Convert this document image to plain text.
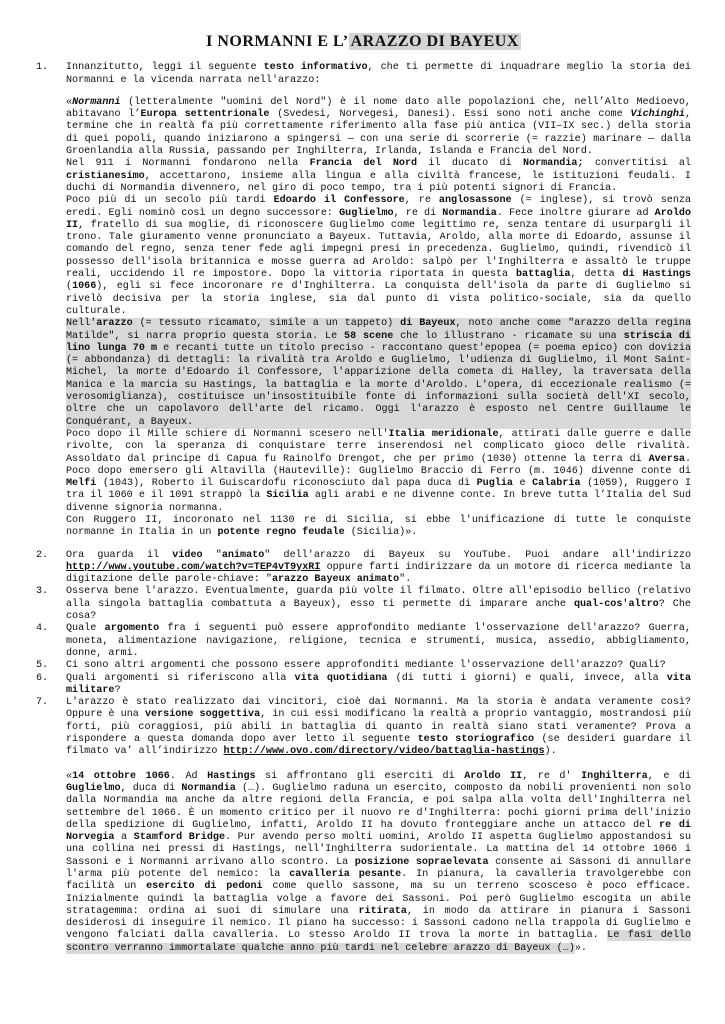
I NORMANNI E L’ ARAZZO DI BAYEUX
1.	Innanzitutto, leggi il seguente testo informativo, che ti permette di inquadrare meglio la storia dei Normanni e la vicenda narrata nell'arazzo:

«Normanni (letteralmente "uomini del Nord") è il nome dato alle popolazioni che, nell’Alto Medioevo, abitavano l’Europa settentrionale (Svedesi, Norvegesi, Danesi). Essi sono noti anche come Vichinghi, termine che in realtà fa più correttamente riferimento alla fase più antica (VII–IX sec.) della storia di quei popoli, quando iniziarono a spingersi — con una serie di scorrerie (= razzie) marinare — dalla Groenlandia alla Russia, passando per Inghilterra, Irlanda, Islanda e Francia del Nord.

Nel 911 i Normanni fondarono nella Francia del Nord il ducato di Normandia; convertitisi al cristianesimo, accettarono, insieme alla lingua e alla civiltà francese, le istituzioni feudali. I duchi di Normandia divennero, nel giro di poco tempo, tra i più potenti signori di Francia.

Poco più di un secolo più tardi Edoardo il Confessore, re anglosassone (= inglese), si trovò senza eredi. Egli nominò così un degno successore: Guglielmo, re di Normandia. Fece inoltre giurare ad Aroldo II, fratello di sua moglie, di riconoscere Guglielmo come legittimo re, senza tentare di usurpargli il trono. Tale giuramento venne pronunciato a Bayeux. Tuttavia, Aroldo, alla morte di Edoardo, assunse il comando del regno, senza tener fede agli impegni presi in precedenza. Guglielmo, quindi, rivendicò il possesso dell'isola britannica e mosse guerra ad Aroldo: salpò per l'Inghilterra e assaltò le truppe reali, uccidendo il re impostore. Dopo la vittoria riportata in questa battaglia, detta di Hastings (1066), egli si fece incoronare re d'Inghilterra. La conquista dell'isola da parte di Guglielmo si rivelò decisiva per la storia inglese, sia dal punto di vista politico-sociale, sia da quello culturale.

Nell'arazzo (= tessuto ricamato, simile a un tappeto) di Bayeux, noto anche come "arazzo della regina Matilde", si narra proprio questa storia. Le 58 scene che lo illustrano - ricamate su una striscia di lino lunga 70 m e recanti tutte un titolo preciso - raccontano quest'epopea (= poema epico) con dovizia (= abbondanza) di dettagli: la rivalità tra Aroldo e Guglielmo, l'udienza di Guglielmo, il Mont Saint-Michel, la morte d'Edoardo il Confessore, l'apparizione della cometa di Halley, la traversata della Manica e la marcia su Hastings, la battaglia e la morte d'Aroldo. L'opera, di eccezionale realismo (= verosomiglianza), costituisce un'insostituibile fonte di informazioni sulla società dell'XI secolo, oltre che un capolavoro dell'arte del ricamo. Oggi l'arazzo è esposto nel Centre Guillaume le Conquérant, a Bayeux.

Poco dopo il Mille schiere di Normanni scesero nell'Italia meridionale, attirati dalle guerre e dalle rivolte, con la speranza di conquistare terre inserendosi nel complicato gioco delle rivalità. Assoldato dal principe di Capua fu Rainolfo Drengot, che per primo (1030) ottenne la terra di Aversa. Poco dopo emersero gli Altavilla (Hauteville): Guglielmo Braccio di Ferro (m. 1046) divenne conte di Melfi (1043), Roberto il Guiscardofu riconosciuto dal papa duca di Puglia e Calabria (1059), Ruggero I tra il 1060 e il 1091 strappò la Sicilia agli arabi e ne divenne conte. In breve tutta l’Italia del Sud divenne signoria normanna.

Con Ruggero II, incoronato nel 1130 re di Sicilia, si ebbe l'unificazione di tutte le conquiste normanne in Italia in un potente regno feudale (Sicilia)».

2.	Ora guarda il video "animato" dell'arazzo di Bayeux su YouTube. Puoi andare all'indirizzo http://www.youtube.com/watch?v=TEP4vT9yxRI oppure farti indirizzare da un motore di ricerca mediante la digitazione delle parole-chiave: "arazzo Bayeux animato".
3.	Osserva bene l'arazzo. Eventualmente, guarda più volte il filmato. Oltre all'episodio bellico (relativo alla singola battaglia combattuta a Bayeux), esso ti permette di imparare anche qual-cos'altro? Che cosa?
4.	Quale argomento fra i seguenti può essere approfondito mediante l'osservazione dell'arazzo? Guerra, moneta, alimentazione navigazione, religione, tecnica e strumenti, musica, assedio, abbigliamento, donne, armi.
5.	Ci sono altri argomenti che possono essere approfonditi mediante l'osservazione dell'arazzo? Quali?
6.	Quali argomenti si riferiscono alla vita quotidiana (di tutti i giorni) e quali, invece, alla vita militare?
7.	L'arazzo è stato realizzato dai vincitori, cioè dai Normanni. Ma la storia è andata veramente così? Oppure è una versione soggettiva, in cui essi modificano la realtà a proprio vantaggio, mostrandosi più forti, più coraggiosi, più abili in battaglia di quanto in realtà siano stati veramente? Prova a rispondere a questa domanda dopo aver letto il seguente testo storiografico (se desideri guardare il filmato va’ all’indirizzo http://www.ovo.com/directory/video/battaglia-hastings).
«14 ottobre 1066. Ad Hastings si affrontano gli eserciti di Aroldo II, re d' Inghilterra, e di Guglielmo, duca di Normandia (…). Guglielmo raduna un esercito, composto da nobili provenienti non solo dalla Normandia ma anche da altre regioni della Francia, e poi salpa alla volta dell'Inghilterra nel settembre del 1066. È un momento critico per il nuovo re d'Inghilterra: pochi giorni prima dell'inizio della spedizione di Guglielmo, infatti, Aroldo II ha dovuto fronteggiare anche un attacco del re di Norvegia a Stamford Bridge. Pur avendo perso molti uomini, Aroldo II aspetta Guglielmo appostandosi su una collina nei pressi di Hastings, nell'Inghilterra sudorientale. La mattina del 14 ottobre 1066 i Sassoni e i Normanni arrivano allo scontro. La posizione sopraelevata consente ai Sassoni di annullare l'arma più potente del nemico: la cavalleria pesante. In pianura, la cavalleria travolgerebbe con facilità un esercito di pedoni come quello sassone, ma su un terreno scosceso è poco efficace. Inizialmente quindi la battaglia volge a favore dei Sassoni. Poi però Guglielmo escogita un abile stratagemma: ordina ai suoi di simulare una ritirata, in modo da attirare in pianura i Sassoni desiderosi di inseguire il nemico. Il piano ha successo: i Sassoni cadono nella trappola di Guglielmo e vengono falciati dalla cavalleria. Lo stesso Aroldo II trova la morte in battaglia. Le fasi dello scontro verranno immortalate qualche anno più tardi nel celebre arazzo di Bayeux (…)».
